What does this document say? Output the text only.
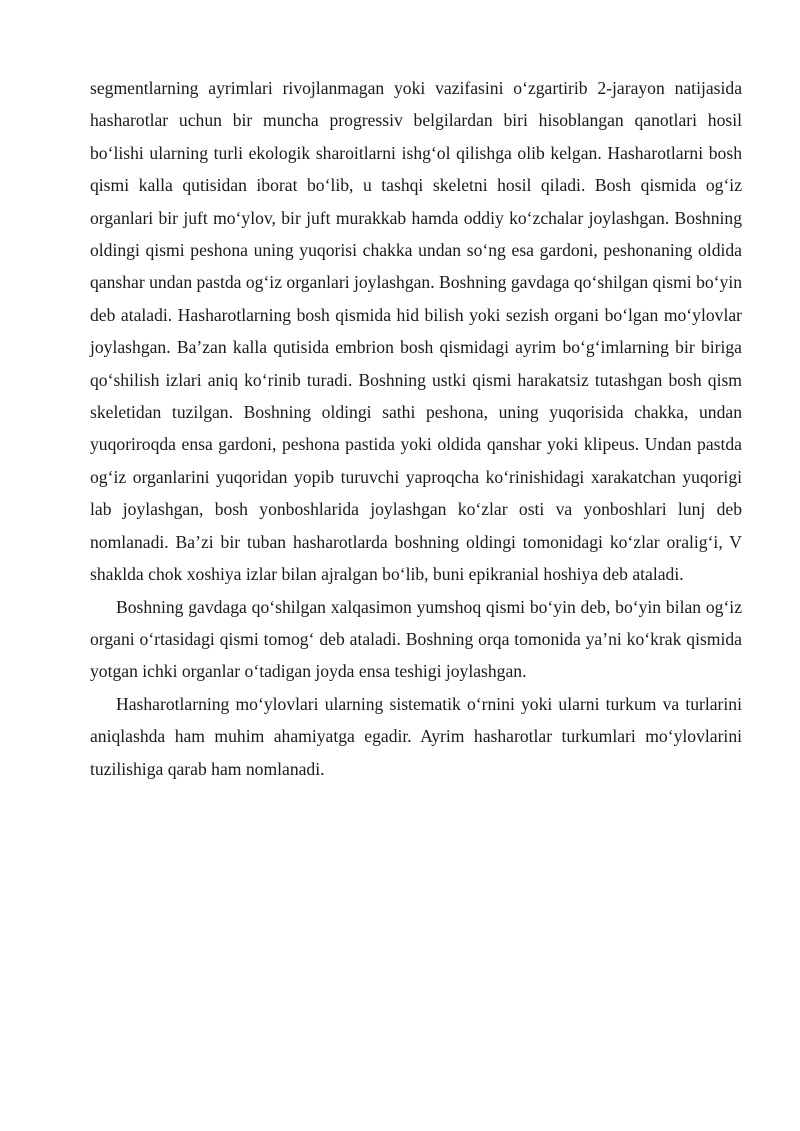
segmentlarning ayrimlari rivojlanmagan yoki vazifasini o‘zgartirib 2-jarayon natijasida hasharotlar uchun bir muncha progressiv belgilardan biri hisoblangan qanotlari hosil bo‘lishi ularning turli ekologik sharoitlarni ishg‘ol qilishga olib kelgan. Hasharotlarni bosh qismi kalla qutisidan iborat bo‘lib, u tashqi skeletni hosil qiladi. Bosh qismida og‘iz organlari bir juft mo‘ylov, bir juft murakkab hamda oddiy ko‘zchalar joylashgan. Boshning oldingi qismi peshona uning yuqorisi chakka undan so‘ng esa gardoni, peshonaning oldida qanshar undan pastda og‘iz organlari joylashgan. Boshning gavdaga qo‘shilgan qismi bo‘yin deb ataladi. Hasharotlarning bosh qismida hid bilish yoki sezish organi bo‘lgan mo‘ylovlar joylashgan. Ba’zan kalla qutisida embrion bosh qismidagi ayrim bo‘g‘imlarning bir biriga qo‘shilish izlari aniq ko‘rinib turadi. Boshning ustki qismi harakatsiz tutashgan bosh qism skeletidan tuzilgan. Boshning oldingi sathi peshona, uning yuqorisida chakka, undan yuqoriroqda ensa gardoni, peshona pastida yoki oldida qanshar yoki klipeus. Undan pastda og‘iz organlarini yuqoridan yopib turuvchi yaproqcha ko‘rinishidagi xarakatchan yuqorigi lab joylashgan, bosh yonboshlarida joylashgan ko‘zlar osti va yonboshlari lunj deb nomlanadi. Ba’zi bir tuban hasharotlarda boshning oldingi tomonidagi ko‘zlar oralig‘i, V shaklda chok xoshiya izlar bilan ajralgan bo‘lib, buni epikranial hoshiya deb ataladi.

Boshning gavdaga qo‘shilgan xalqasimon yumshoq qismi bo‘yin deb, bo‘yin bilan og‘iz organi o‘rtasidagi qismi tomog‘ deb ataladi. Boshning orqa tomonida ya’ni ko‘krak qismida yotgan ichki organlar o‘tadigan joyda ensa teshigi joylashgan.

Hasharotlarning mo‘ylovlari ularning sistematik o‘rnini yoki ularni turkum va turlarini aniqlashda ham muhim ahamiyatga egadir. Ayrim hasharotlar turkumlari mo‘ylovlarini tuzilishiga qarab ham nomlanadi.
